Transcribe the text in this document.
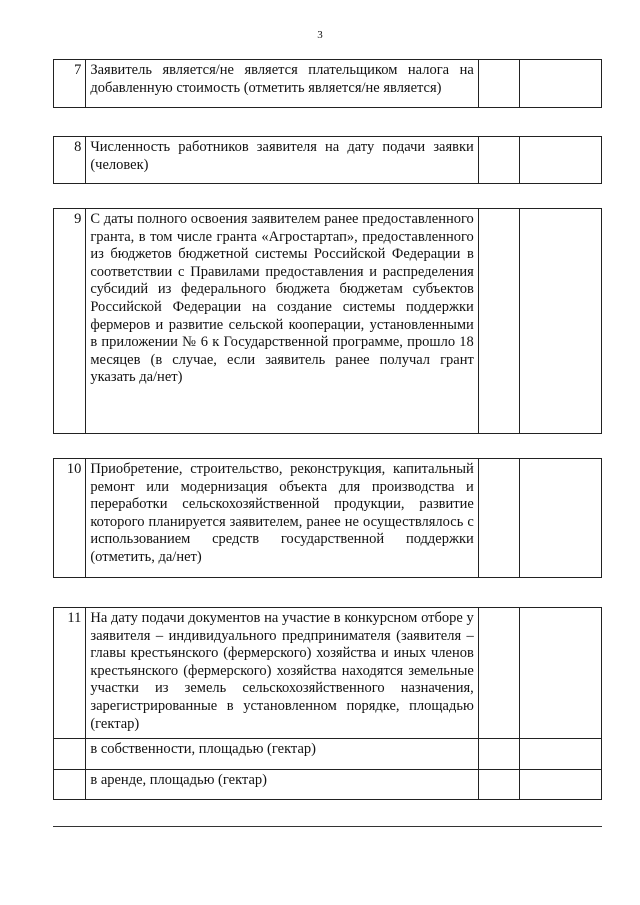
3
7	Заявитель является/не является плательщиком налога на добавленную стоимость (отметить является/не является)		
8	Численность работников заявителя на дату подачи заявки (человек)		
9	С даты полного освоения заявителем ранее предоставленного гранта, в том числе гранта «Агростартап», предоставленного из бюджетов бюджетной системы Российской Федерации в соответствии с Правилами предоставления и распределения субсидий из федерального бюджета бюджетам субъектов Российской Федерации на создание системы поддержки фермеров и развитие сельской кооперации, установленными в приложении № 6 к Государственной программе, прошло 18 месяцев (в случае, если заявитель ранее получал грант указать да/нет)		
10	Приобретение, строительство, реконструкция, капитальный ремонт или модернизация объекта для производства и переработки сельскохозяйственной продукции, развитие которого планируется заявителем, ранее не осуществлялось с использованием средств государственной поддержки (отметить, да/нет)		
11	На дату подачи документов на участие в конкурсном отборе у заявителя – индивидуального предпринимателя (заявителя – главы крестьянского (фермерского) хозяйства и иных членов крестьянского (фермерского) хозяйства находятся земельные участки из земель сельскохозяйственного назначения, зарегистрированные в установленном порядке, площадью (гектар)		
	в собственности, площадью (гектар)		
	в аренде, площадью (гектар)		
